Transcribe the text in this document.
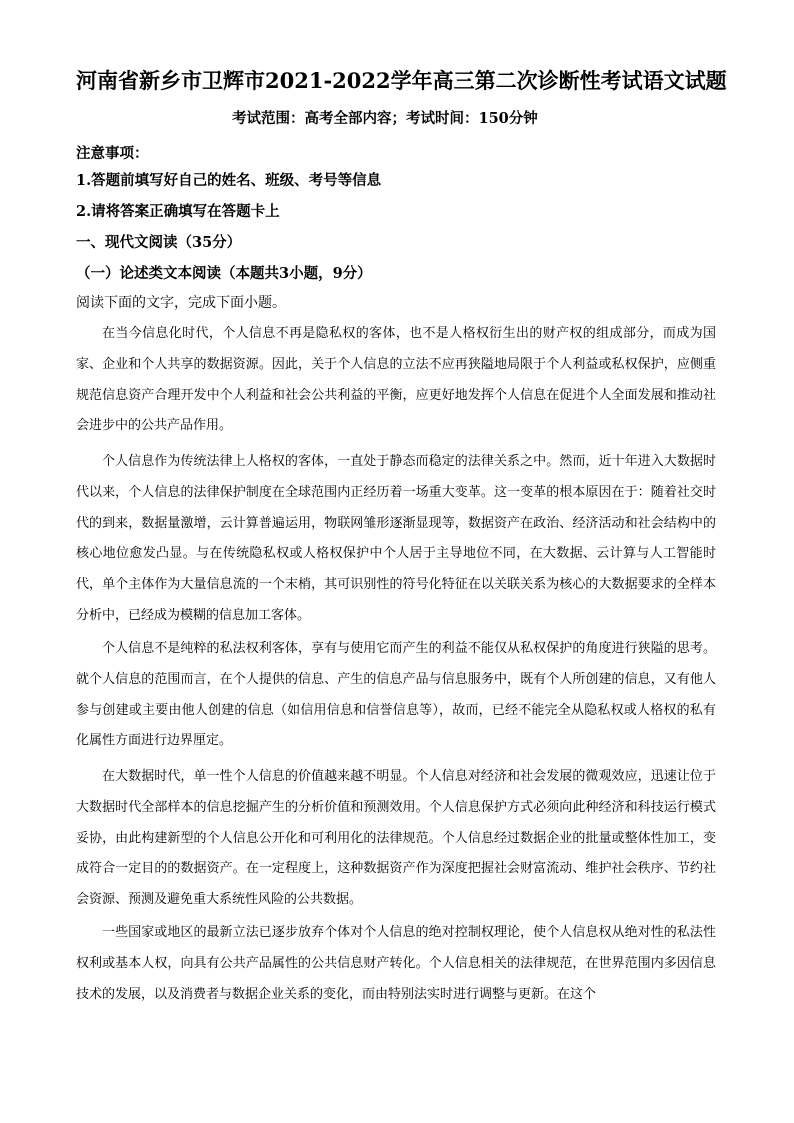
河南省新乡市卫辉市2021-2022学年高三第二次诊断性考试语文试题
考试范围：高考全部内容；考试时间：150分钟
注意事项：
1.答题前填写好自己的姓名、班级、考号等信息
2.请将答案正确填写在答题卡上
一、现代文阅读（35分）
（一）论述类文本阅读（本题共3小题，9分）
阅读下面的文字，完成下面小题。
在当今信息化时代，个人信息不再是隐私权的客体，也不是人格权衍生出的财产权的组成部分，而成为国家、企业和个人共享的数据资源。因此，关于个人信息的立法不应再狭隘地局限于个人利益或私权保护，应侧重规范信息资产合理开发中个人利益和社会公共利益的平衡，应更好地发挥个人信息在促进个人全面发展和推动社会进步中的公共产品作用。
个人信息作为传统法律上人格权的客体，一直处于静态而稳定的法律关系之中。然而，近十年进入大数据时代以来，个人信息的法律保护制度在全球范围内正经历着一场重大变革。这一变革的根本原因在于：随着社交时代的到来，数据量激增，云计算普遍运用，物联网雏形逐渐显现等，数据资产在政治、经济活动和社会结构中的核心地位愈发凸显。与在传统隐私权或人格权保护中个人居于主导地位不同，在大数据、云计算与人工智能时代，单个主体作为大量信息流的一个末梢，其可识别性的符号化特征在以关联关系为核心的大数据要求的全样本分析中，已经成为模糊的信息加工客体。
个人信息不是纯粹的私法权利客体，享有与使用它而产生的利益不能仅从私权保护的角度进行狭隘的思考。就个人信息的范围而言，在个人提供的信息、产生的信息产品与信息服务中，既有个人所创建的信息，又有他人参与创建或主要由他人创建的信息（如信用信息和信誉信息等），故而，已经不能完全从隐私权或人格权的私有化属性方面进行边界厘定。
在大数据时代，单一性个人信息的价值越来越不明显。个人信息对经济和社会发展的微观效应，迅速让位于大数据时代全部样本的信息挖掘产生的分析价值和预测效用。个人信息保护方式必须向此种经济和科技运行模式妥协，由此构建新型的个人信息公开化和可利用化的法律规范。个人信息经过数据企业的批量或整体性加工，变成符合一定目的的数据资产。在一定程度上，这种数据资产作为深度把握社会财富流动、维护社会秩序、节约社会资源、预测及避免重大系统性风险的公共数据。
一些国家或地区的最新立法已逐步放弃个体对个人信息的绝对控制权理论，使个人信息权从绝对性的私法性权利或基本人权，向具有公共产品属性的公共信息财产转化。个人信息相关的法律规范，在世界范围内多因信息技术的发展，以及消费者与数据企业关系的变化，而由特别法实时进行调整与更新。在这个
